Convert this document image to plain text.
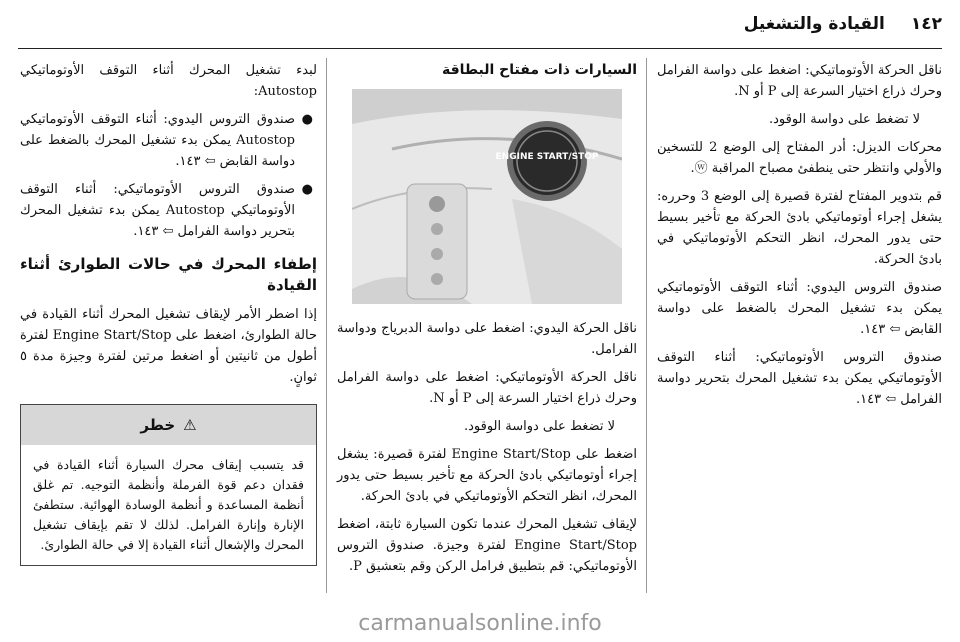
١٤٢
القيادة والتشغيل

ناقل الحركة الأوتوماتيكي: اضغط على دواسة الفرامل وحرك ذراع اختيار السرعة إلى P أو N.

لا تضغط على دواسة الوقود.

محركات الديزل: أدر المفتاح إلى الوضع 2 للتسخين والأولي وانتظر حتى ينطفئ مصباح المراقبة ⓦ.

قم بتدوير المفتاح لفترة قصيرة إلى الوضع 3 وحرره: يشغل إجراء أوتوماتيكي بادئ الحركة مع تأخير بسيط حتى يدور المحرك، انظر التحكم الأوتوماتيكي في بادئ الحركة.

صندوق التروس اليدوي: أثناء التوقف الأوتوماتيكي يمكن بدء تشغيل المحرك بالضغط على دواسة القابض ⇦ ١٤٣.

صندوق التروس الأوتوماتيكي: أثناء التوقف الأوتوماتيكي يمكن بدء تشغيل المحرك بتحرير دواسة الفرامل ⇦ ١٤٣.

السيارات ذات مفتاح البطاقة
ENGINE START/STOP

ناقل الحركة اليدوي: اضغط على دواسة الدبرياج ودواسة الفرامل.

ناقل الحركة الأوتوماتيكي: اضغط على دواسة الفرامل وحرك ذراع اختيار السرعة إلى P أو N.

لا تضغط على دواسة الوقود.

اضغط على Engine Start/Stop لفترة قصيرة: يشغل إجراء أوتوماتيكي بادئ الحركة مع تأخير بسيط حتى يدور المحرك، انظر التحكم الأوتوماتيكي في بادئ الحركة.

لإيقاف تشغيل المحرك عندما تكون السيارة ثابتة، اضغط Engine Start/Stop لفترة وجيزة. صندوق التروس الأوتوماتيكي: قم بتطبيق فرامل الركن وقم بتعشيق P.

لبدء تشغيل المحرك أثناء التوقف الأوتوماتيكي Autostop:

●
صندوق التروس اليدوي: أثناء التوقف الأوتوماتيكي Autostop يمكن بدء تشغيل المحرك بالضغط على دواسة القابض ⇦ ١٤٣.
●
صندوق التروس الأوتوماتيكي: أثناء التوقف الأوتوماتيكي Autostop يمكن بدء تشغيل المحرك بتحرير دواسة الفرامل ⇦ ١٤٣.
إطفاء المحرك في حالات الطوارئ أثناء القيادة

إذا اضطر الأمر لإيقاف تشغيل المحرك أثناء القيادة في حالة الطوارئ، اضغط على Engine Start/Stop لفترة أطول من ثانيتين أو اضغط مرتين لفترة وجيزة مدة ٥ ثوانٍ.

⚠
خطر
قد يتسبب إيقاف محرك السيارة أثناء القيادة في فقدان دعم قوة الفرملة وأنظمة التوجيه. تم غلق أنظمة المساعدة و أنظمة الوسادة الهوائية. ستطفئ الإنارة وإنارة الفرامل. لذلك لا تقم بإيقاف تشغيل المحرك والإشعال أثناء القيادة إلا في حالة الطوارئ.
carmanualsonline.info
